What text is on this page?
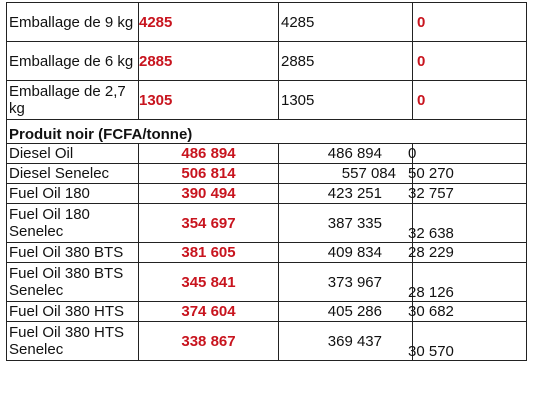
Emballage de 9 kg	4285	4285	0
Emballage de 6 kg	2885	2885	0
Emballage de 2,7 kg	1305	1305	0
Produit noir (FCFA/tonne)			
Diesel Oil	486 894	486 894	0
Diesel Senelec	506 814	557 084	50 270
Fuel Oil 180	390 494	423 251	32 757
Fuel Oil 180 Senelec	354 697	387 335	32 638
Fuel Oil 380 BTS	381 605	409 834	28 229
Fuel Oil 380 BTS Senelec	345 841	373 967	28 126
Fuel Oil 380 HTS	374 604	405 286	30 682
Fuel Oil 380 HTS Senelec	338 867	369 437	30 570
